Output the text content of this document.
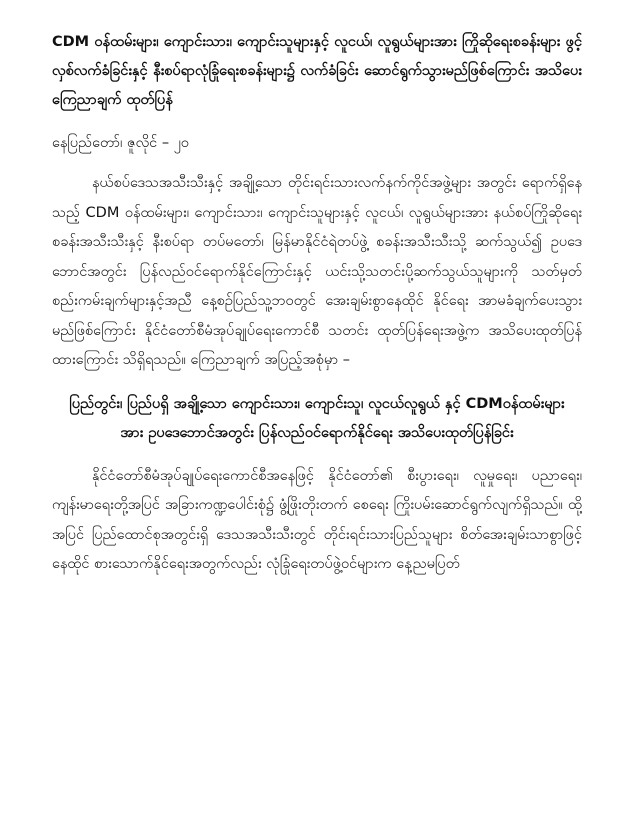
CDM ဝန်ထမ်းများ၊ ကျောင်းသား၊ ကျောင်းသူများနှင့် လူငယ်၊ လူရွယ်များအား ကြိုဆိုရေးစခန်းများ ဖွင့်လှစ်လက်ခံခြင်းနှင့် နီးစပ်ရာလုံခြုံရေးစခန်းများ၌ လက်ခံခြင်း ဆောင်ရွက်သွားမည်ဖြစ်ကြောင်း အသိပေးကြေညာချက် ထုတ်ပြန်

နေပြည်တော်၊ ဇူလိုင် – ၂၀

နယ်စပ်ဒေသအသီးသီးနှင့် အချို့သော တိုင်းရင်းသားလက်နက်ကိုင်အဖွဲ့များ အတွင်း ရောက်ရှိနေသည့် CDM ဝန်ထမ်းများ၊ ကျောင်းသား၊ ကျောင်းသူများနှင့် လူငယ်၊ လူရွယ်များအား နယ်စပ်ကြိုဆိုရေးစခန်းအသီးသီးနှင့် နီးစပ်ရာ တပ်မတော်၊ မြန်မာနိုင်ငံရဲတပ်ဖွဲ့ စခန်းအသီးသီးသို့ ဆက်သွယ်၍ ဥပဒေဘောင်အတွင်း ပြန်လည်ဝင်ရောက်နိုင်ကြောင်းနှင့် ယင်းသို့သတင်းပို့ဆက်သွယ်သူများကို သတ်မှတ် စည်းကမ်းချက်များနှင့်အညီ နေ့စဉ်ပြည်သူ့ဘဝတွင် အေးချမ်းစွာနေထိုင် နိုင်ရေး အာမခံချက်ပေးသွားမည်ဖြစ်ကြောင်း နိုင်ငံတော်စီမံအုပ်ချုပ်ရေးကောင်စီ သတင်း ထုတ်ပြန်ရေးအဖွဲ့က အသိပေးထုတ်ပြန်ထားကြောင်း သိရှိရသည်။ ကြေညာချက် အပြည့်အစုံမှာ –

ပြည်တွင်း၊ ပြည်ပရှိ အချို့သော ကျောင်းသား၊ ကျောင်းသူ၊ လူငယ်လူရွယ် နှင့် CDMဝန်ထမ်းများအား ဥပဒေဘောင်အတွင်း ပြန်လည်ဝင်ရောက်နိုင်ရေး အသိပေးထုတ်ပြန်ခြင်း

နိုင်ငံတော်စီမံအုပ်ချုပ်ရေးကောင်စီအနေဖြင့် နိုင်ငံတော်၏ စီးပွားရေး၊ လူမှုရေး၊ ပညာရေး၊ ကျန်းမာရေးတို့အပြင် အခြားကဏ္ဍပေါင်းစုံ၌ ဖွံ့ဖြိုးတိုးတက် စေရေး ကြိုးပမ်းဆောင်ရွက်လျက်ရှိသည်။ ထို့အပြင် ပြည်ထောင်စုအတွင်းရှိ ဒေသအသီးသီးတွင် တိုင်းရင်းသားပြည်သူများ စိတ်အေးချမ်းသာစွာဖြင့် နေထိုင် စားသောက်နိုင်ရေးအတွက်လည်း လုံခြုံရေးတပ်ဖွဲ့ဝင်များက နေ့ညမပြတ်
